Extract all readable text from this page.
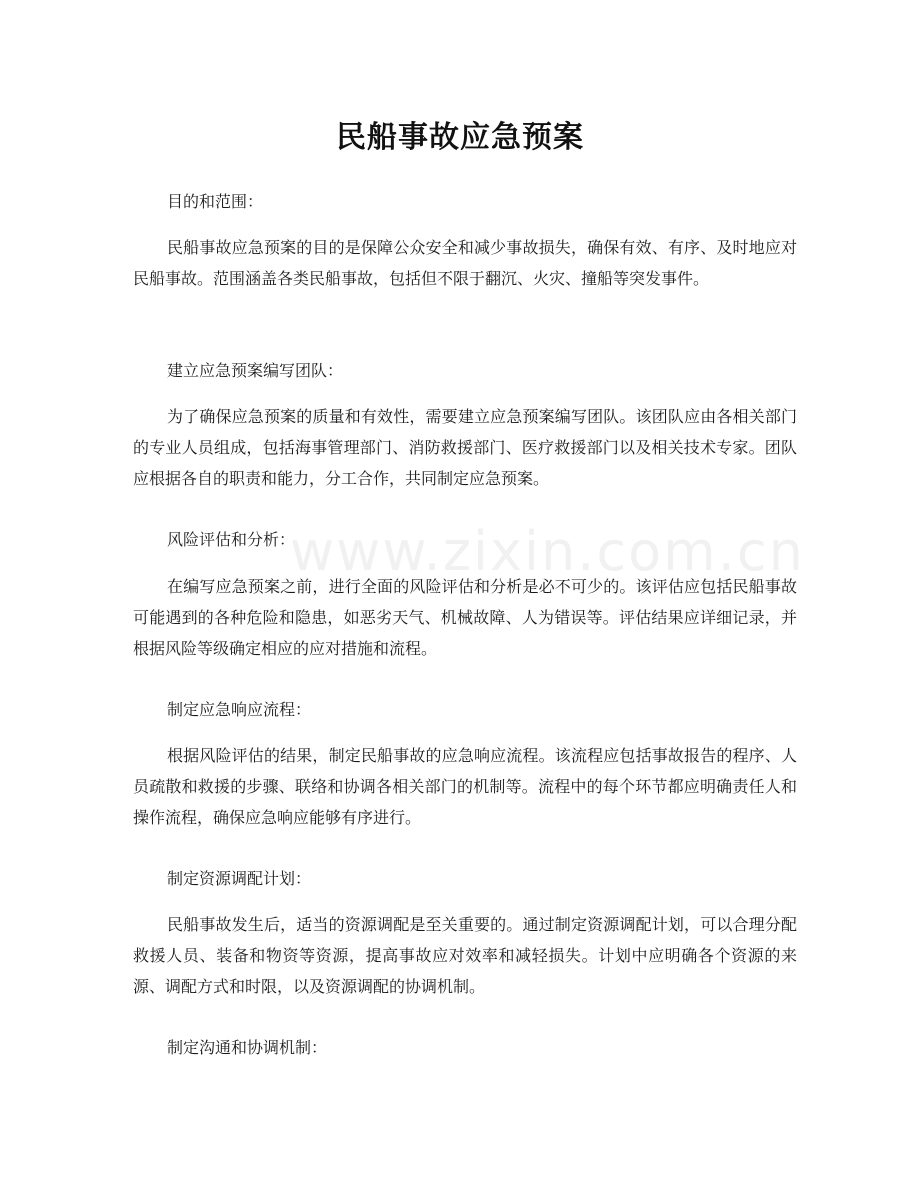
民船事故应急预案
www.zixin.com.cn

目的和范围：

民船事故应急预案的目的是保障公众安全和减少事故损失，确保有效、有序、及时地应对民船事故。范围涵盖各类民船事故，包括但不限于翻沉、火灾、撞船等突发事件。

建立应急预案编写团队：

为了确保应急预案的质量和有效性，需要建立应急预案编写团队。该团队应由各相关部门的专业人员组成，包括海事管理部门、消防救援部门、医疗救援部门以及相关技术专家。团队应根据各自的职责和能力，分工合作，共同制定应急预案。

风险评估和分析：

在编写应急预案之前，进行全面的风险评估和分析是必不可少的。该评估应包括民船事故可能遇到的各种危险和隐患，如恶劣天气、机械故障、人为错误等。评估结果应详细记录，并根据风险等级确定相应的应对措施和流程。

制定应急响应流程：

根据风险评估的结果，制定民船事故的应急响应流程。该流程应包括事故报告的程序、人员疏散和救援的步骤、联络和协调各相关部门的机制等。流程中的每个环节都应明确责任人和操作流程，确保应急响应能够有序进行。

制定资源调配计划：

民船事故发生后，适当的资源调配是至关重要的。通过制定资源调配计划，可以合理分配救援人员、装备和物资等资源，提高事故应对效率和减轻损失。计划中应明确各个资源的来源、调配方式和时限，以及资源调配的协调机制。

制定沟通和协调机制：
